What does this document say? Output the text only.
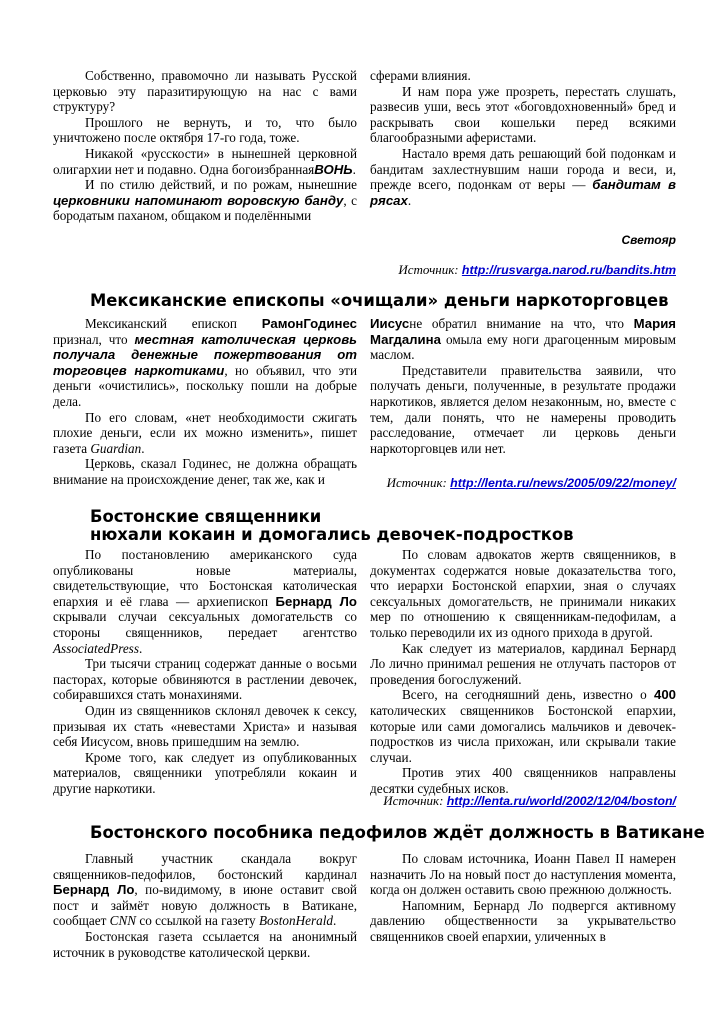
Собственно, правомочно ли называть Русской церковью эту паразитирующую на нас с вами структуру?

Прошлого не вернуть, и то, что было уничтожено после октября 17-го года, тоже.

Никакой «русскости» в нынешней церковной олигархии нет и подавно. Одна богоизбраннаяВОНЬ.

И по стилю действий, и по рожам, нынешние церковники напоминают воровскую банду, с бородатым паханом, общаком и поделёнными

сферами влияния.

И нам пора уже прозреть, перестать слушать, развесив уши, весь этот «боговдохновенный» бред и раскрывать свои кошельки перед всякими благообразными аферистами.

Настало время дать решающий бой подонкам и бандитам захлестнувшим наши города и веси, и, прежде всего, подонкам от веры — бандитам в рясах.

Светояр
Источник: http://rusvarga.narod.ru/bandits.htm
Мексиканские епископы «очищали» деньги наркоторговцев

Мексиканский епископ РамонГодинес признал, что местная католическая церковь получала денежные пожертвования от торговцев наркотиками, но объявил, что эти деньги «очистились», поскольку пошли на добрые дела.

По его словам, «нет необходимости сжигать плохие деньги, если их можно изменить», пишет газета Guardian.

Церковь, сказал Годинес, не должна обращать внимание на происхождение денег, так же, как и

Иисусне обратил внимание на что, что Мария Магдалина омыла ему ноги драгоценным мировым маслом.

Представители правительства заявили, что получать деньги, полученные, в результате продажи наркотиков, является делом незаконным, но, вместе с тем, дали понять, что не намерены проводить расследование, отмечает ли церковь деньги наркоторговцев или нет.

Источник: http://lenta.ru/news/2005/09/22/money/
Бостонские священники
нюхали кокаин и домогались девочек-подростков

По постановлению американского суда опубликованы новые материалы, свидетельствующие, что Бостонская католическая епархия и её глава — архиепископ Бернард Ло скрывали случаи сексуальных домогательств со стороны священников, передает агентство AssociatedPress.

Три тысячи страниц содержат данные о восьми пасторах, которые обвиняются в растлении девочек, собиравшихся стать монахинями.

Один из священников склонял девочек к сексу, призывая их стать «невестами Христа» и называя себя Иисусом, вновь пришедшим на землю.

Кроме того, как следует из опубликованных материалов, священники употребляли кокаин и другие наркотики.

По словам адвокатов жертв священников, в документах содержатся новые доказательства того, что иерархи Бостонской епархии, зная о случаях сексуальных домогательств, не принимали никаких мер по отношению к священникам-педофилам, а только переводили их из одного прихода в другой.

Как следует из материалов, кардинал Бернард Ло лично принимал решения не отлучать пасторов от проведения богослужений.

Всего, на сегодняшний день, известно о 400 католических священников Бостонской епархии, которые или сами домогались мальчиков и девочек-подростков из числа прихожан, или скрывали такие случаи.

Против этих 400 священников направлены десятки судебных исков.

Источник: http://lenta.ru/world/2002/12/04/boston/
Бостонского пособника педофилов ждёт должность в Ватикане

Главный участник скандала вокруг священников-педофилов, бостонский кардинал Бернард Ло, по-видимому, в июне оставит свой пост и займёт новую должность в Ватикане, сообщает CNN со ссылкой на газету BostonHerald.

Бостонская газета ссылается на анонимный источник в руководстве католической церкви.

По словам источника, Иоанн Павел II намерен назначить Ло на новый пост до наступления момента, когда он должен оставить свою прежнюю должность.

Напомним, Бернард Ло подвергся активному давлению общественности за укрывательство священников своей епархии, уличенных в
